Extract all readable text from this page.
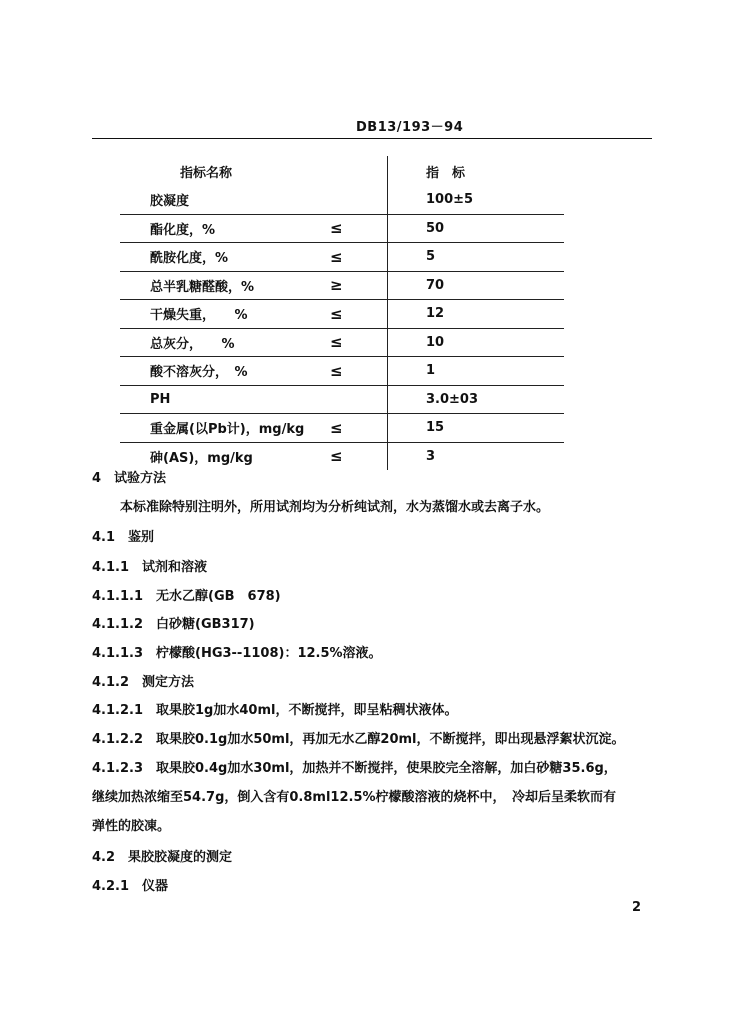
DB13/193－94
指标名称		指　标
胶凝度		100±5
酯化度，%	≤	50
酰胺化度，%	≤	5
总半乳糖醛酸，%	≥	70
干燥失重，　　%	≤	12
总灰分，　　%	≤	10
酸不溶灰分，　%	≤	1
PH		3.0±03
重金属(以Pb计)，mg/kg	≤	15
砷(AS)，mg/kg	≤	3
4　试验方法
本标准除特别注明外，所用试剂均为分析纯试剂，水为蒸馏水或去离子水。
4.1　鉴别
4.1.1　试剂和溶液
4.1.1.1　无水乙醇(GB　678)
4.1.1.2　白砂糖(GB317)
4.1.1.3　柠檬酸(HG3--1108)：12.5%溶液。
4.1.2　测定方法
4.1.2.1　取果胶1g加水40ml，不断搅拌，即呈粘稠状液体。
4.1.2.2　取果胶0.1g加水50ml，再加无水乙醇20ml，不断搅拌，即出现悬浮絮状沉淀。
4.1.2.3　取果胶0.4g加水30ml，加热并不断搅拌，使果胶完全溶解，加白砂糖35.6g，
继续加热浓缩至54.7g，倒入含有0.8ml12.5%柠檬酸溶液的烧杯中，　冷却后呈柔软而有
弹性的胶凍。
4.2　果胶胶凝度的测定
4.2.1　仪器
2
